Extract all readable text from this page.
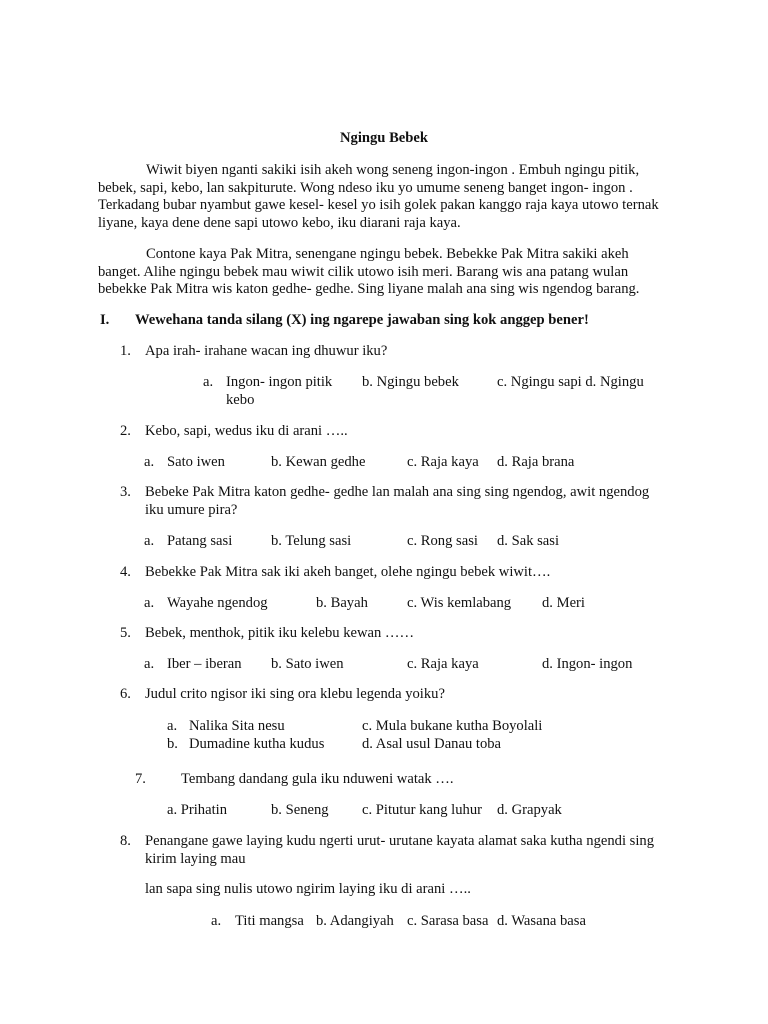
Ngingu Bebek

Wiwit biyen nganti sakiki isih akeh wong seneng ingon-ingon . Embuh ngingu pitik, bebek, sapi, kebo, lan sakpiturute. Wong ndeso iku yo umume seneng banget ingon- ingon . Terkadang bubar nyambut gawe kesel- kesel yo isih golek pakan kanggo raja kaya utowo ternak liyane, kaya dene dene sapi utowo kebo, iku diarani raja kaya.

Contone kaya Pak Mitra, senengane ngingu bebek. Bebekke Pak Mitra sakiki akeh banget. Alihe ngingu bebek mau wiwit cilik utowo isih meri. Barang wis ana patang wulan bebekke Pak Mitra wis katon gedhe- gedhe. Sing liyane malah ana sing wis ngendog barang.

I. Wewehana tanda silang (X) ing ngarepe jawaban sing kok anggep bener!
1. Apa irah- irahane wacan ing dhuwur iku?
a. Ingon- ingon pitik b. Ngingu bebek	c. Ngingu sapi d. Ngingu
kebo
2. Kebo, sapi, wedus iku di arani …..
a. Sato iwen	b. Kewan gedhe	c. Raja kaya d. Raja brana
3. Bebeke Pak Mitra katon gedhe- gedhe lan malah ana sing sing ngendog, awit ngendog
iku umure pira?
a. Patang sasi	b. Telung sasi	c. Rong sasi d. Sak sasi
4. Bebekke Pak Mitra sak iki akeh banget, olehe ngingu bebek wiwit….
a. Wayahe ngendog	b. Bayah	c. Wis kemlabang d. Meri
5. Bebek, menthok, pitik iku kelebu kewan ……
a. Iber – iberan b. Sato iwen	c. Raja kaya	d. Ingon- ingon
6. Judul crito ngisor iki sing ora klebu legenda yoiku?
a. Nalika Sita nesu	c. Mula bukane kutha Boyolali
b. Dumadine kutha kudus	d. Asal usul Danau toba
7. Tembang dandang gula iku nduweni watak ….
a. Prihatin	b. Seneng c. Pitutur kang luhur d. Grapyak
8. Penangane gawe laying kudu ngerti urut- urutane kayata alamat saka kutha ngendi sing
kirim laying mau
lan sapa sing nulis utowo ngirim laying iku di arani …..
a. Titi mangsa b. Adangiyah c. Sarasa basa d. Wasana basa
